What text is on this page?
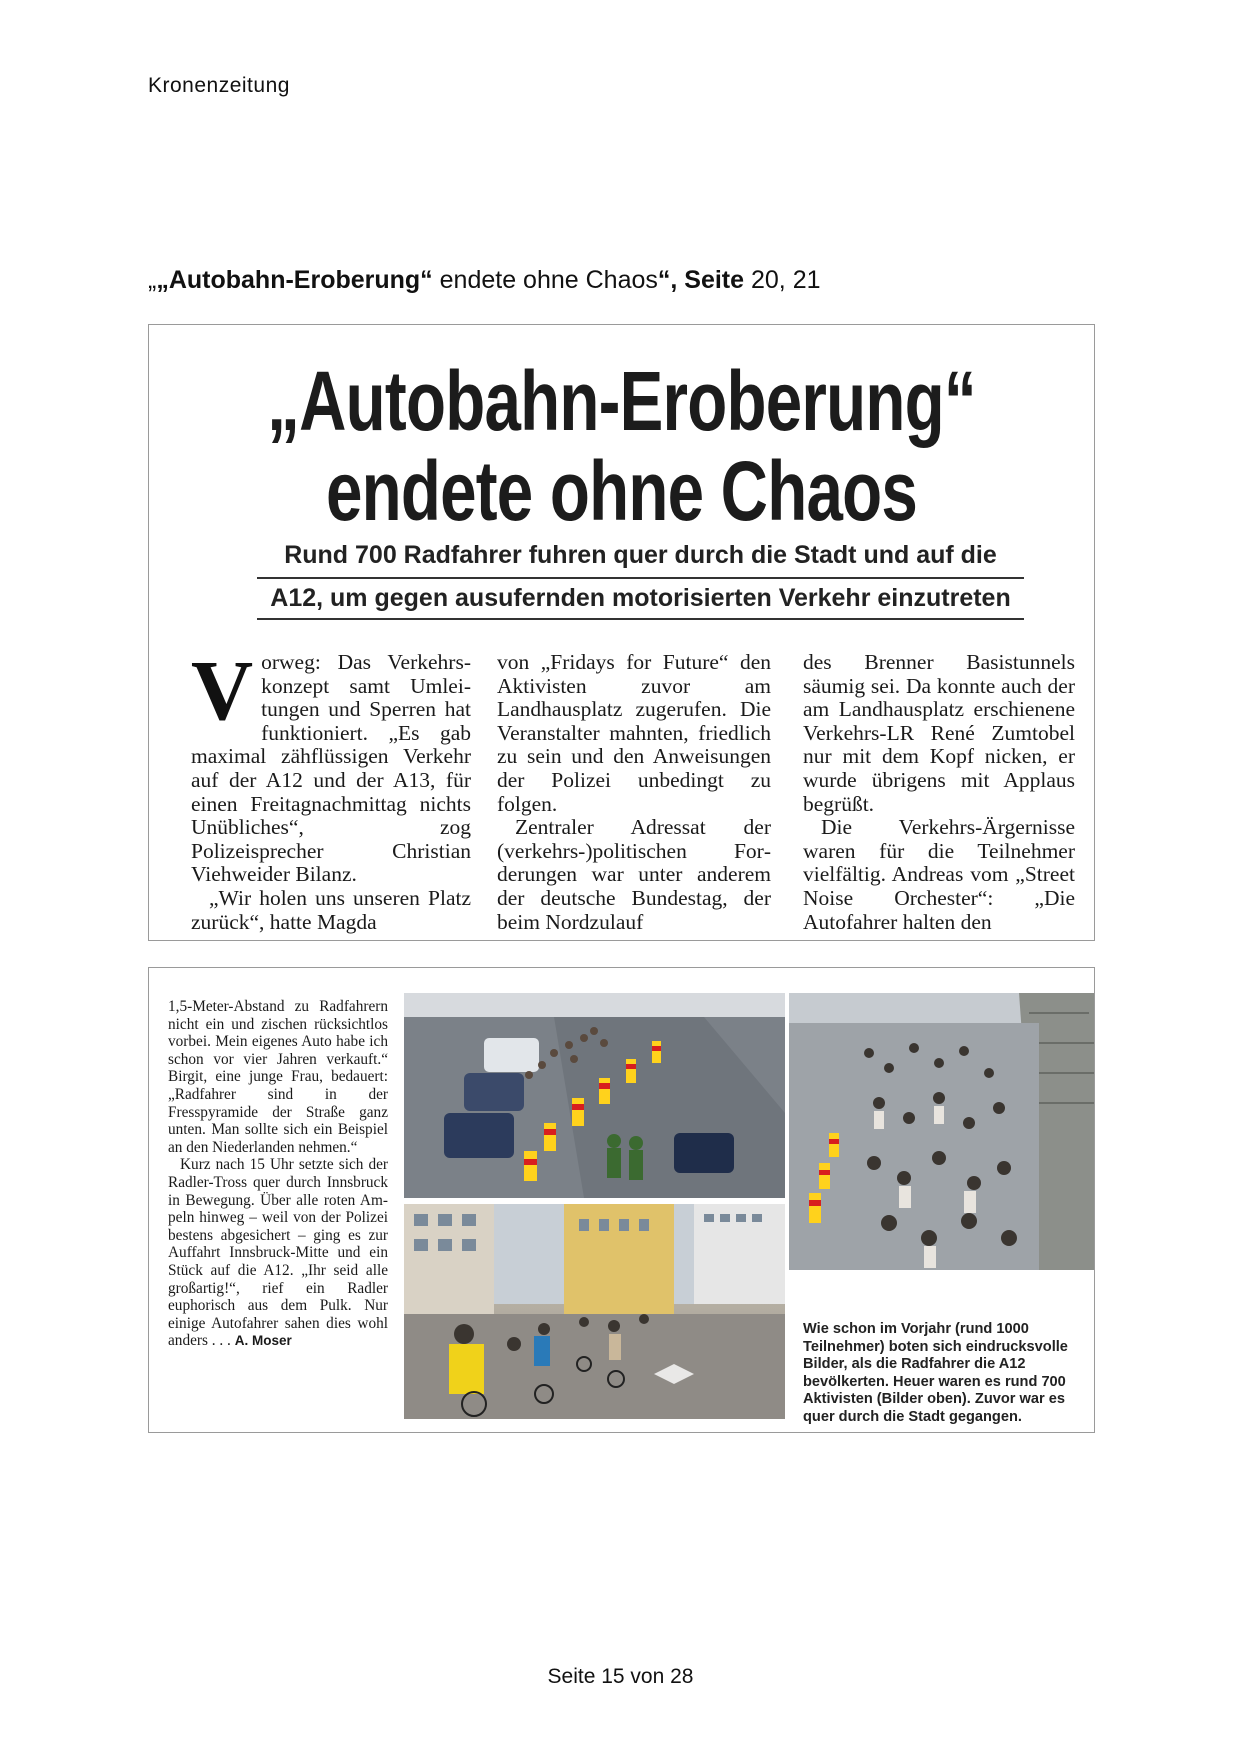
Kronenzeitung
„„Autobahn-Eroberung“ endete ohne Chaos“, Seite 20, 21
„Autobahn-Eroberung“
endete ohne Chaos
Rund 700 Radfahrer fuhren quer durch die Stadt und auf die
A12, um gegen ausufernden motorisierten Verkehr einzutreten
V orweg: Das Verkehrskonzept samt Umleitungen und Sperren hat funktioniert. „Es gab maximal zähflüssigen Verkehr auf der A12 und der A13, für einen Freitagnachmittag nichts Unübliches“, zog Polizeisprecher Christian Viehweider Bilanz.

„Wir holen uns unseren Platz zurück“, hatte Magda

von „Fridays for Future“ den Aktivisten zuvor am Landhausplatz zugerufen. Die Veranstalter mahnten, friedlich zu sein und den Anweisungen der Polizei unbedingt zu folgen.

Zentraler Adressat der (verkehrs-)politischen Forderungen war unter anderem der deutsche Bundestag, der beim Nordzulauf

des Brenner Basistunnels säumig sei. Da konnte auch der am Landhausplatz erschienene Verkehrs-LR René Zumtobel nur mit dem Kopf nicken, er wurde übrigens mit Applaus begrüßt.

Die Verkehrs-Ärgernisse waren für die Teilnehmer vielfältig. Andreas vom „Street Noise Orchester“: „Die Autofahrer halten den

1,5-Meter-Abstand zu Radfahrern nicht ein und zischen rücksichtlos vorbei. Mein eigenes Auto habe ich schon vor vier Jahren verkauft.“ Birgit, eine junge Frau, bedauert: „Radfahrer sind in der Fresspyramide der Straße ganz unten. Man sollte sich ein Beispiel an den Niederlanden nehmen.“

Kurz nach 15 Uhr setzte sich der Radler-Tross quer durch Innsbruck in Bewegung. Über alle roten Ampeln hinweg – weil von der Polizei bestens abgesichert – ging es zur Auffahrt Innsbruck-Mitte und ein Stück auf die A12. „Ihr seid alle großartig!“, rief ein Radler euphorisch aus dem Pulk. Nur einige Autofahrer sahen dies wohl anders . . . A. Moser

Wie schon im Vorjahr (rund 1000 Teilnehmer) boten sich eindrucksvolle Bilder, als die Radfahrer die A12 bevölkerten. Heuer waren es rund 700 Aktivisten (Bilder oben). Zuvor war es quer durch die Stadt gegangen.
Seite 15 von 28
